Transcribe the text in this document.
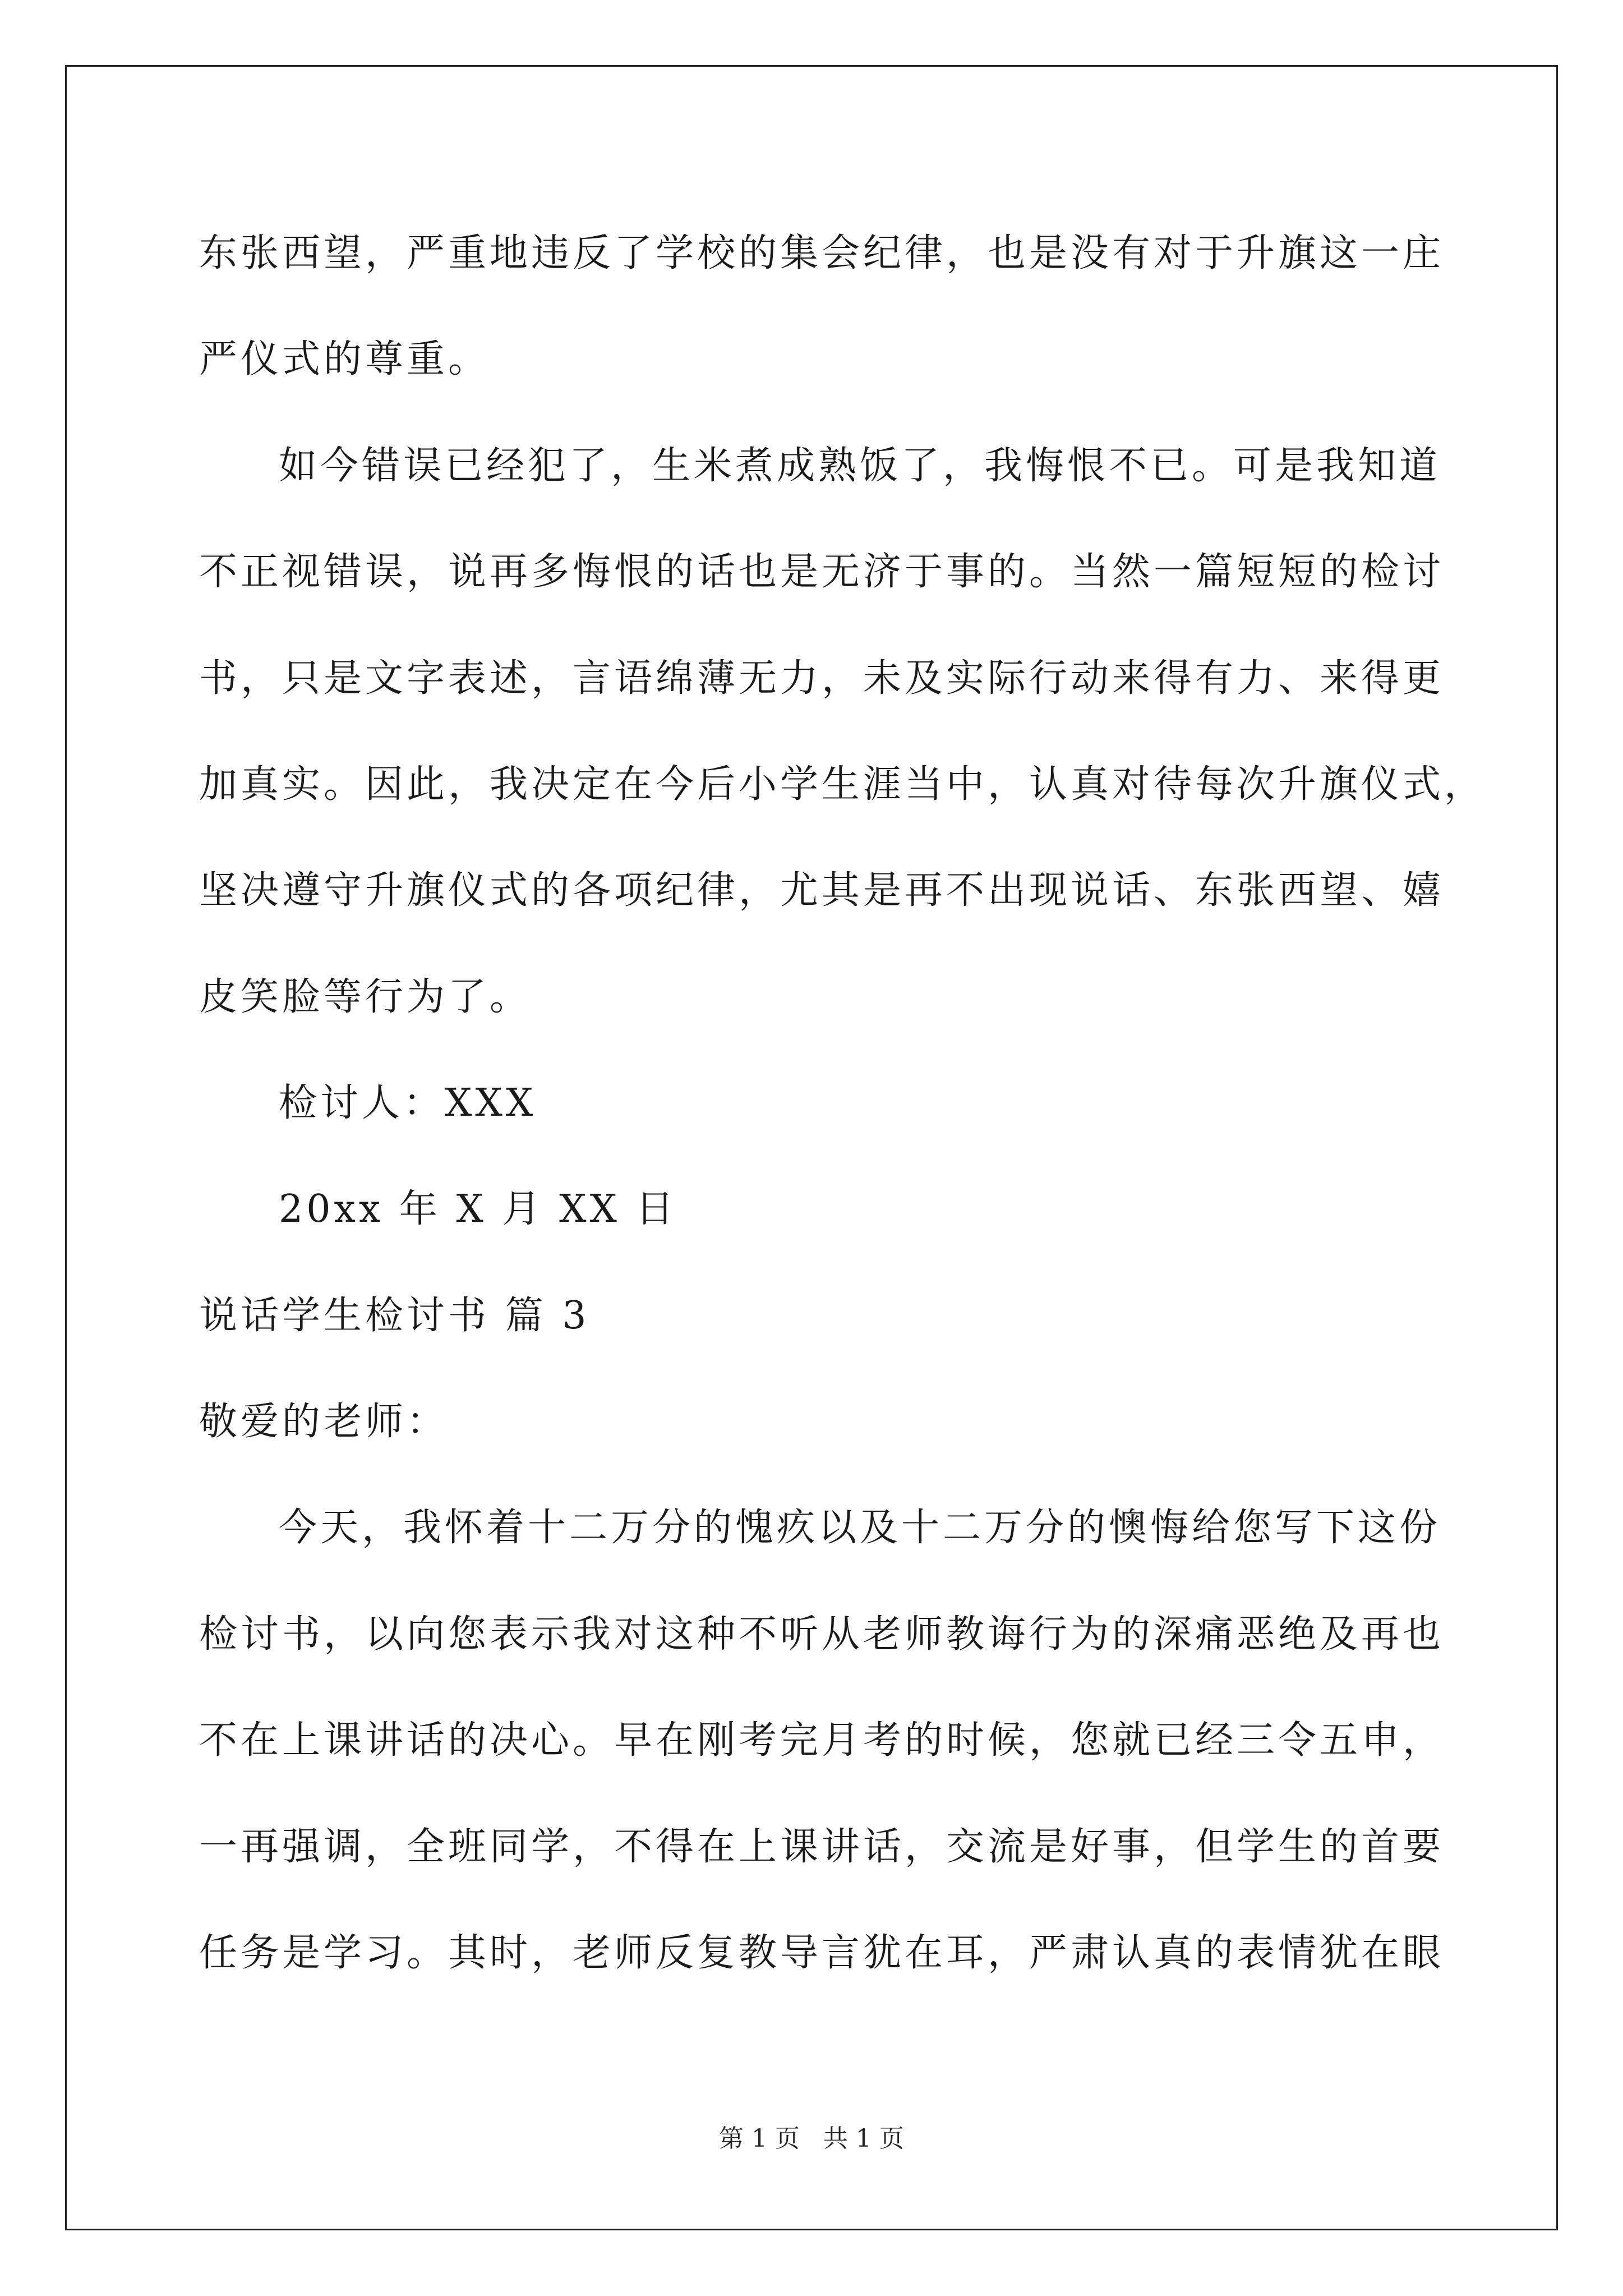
东张西望，严重地违反了学校的集会纪律，也是没有对于升旗这一庄
严仪式的尊重。
如今错误已经犯了，生米煮成熟饭了，我悔恨不已。可是我知道
不正视错误，说再多悔恨的话也是无济于事的。当然一篇短短的检讨
书，只是文字表述，言语绵薄无力，未及实际行动来得有力、来得更
加真实。因此，我决定在今后小学生涯当中，认真对待每次升旗仪式，
坚决遵守升旗仪式的各项纪律，尤其是再不出现说话、东张西望、嬉
皮笑脸等行为了。
检讨人：XXX
20xx 年 X 月 XX 日
说话学生检讨书 篇 3
敬爱的老师：
今天，我怀着十二万分的愧疚以及十二万分的懊悔给您写下这份
检讨书，以向您表示我对这种不听从老师教诲行为的深痛恶绝及再也
不在上课讲话的决心。早在刚考完月考的时候，您就已经三令五申，
一再强调，全班同学，不得在上课讲话，交流是好事，但学生的首要
任务是学习。其时，老师反复教导言犹在耳，严肃认真的表情犹在眼
第 1 页 共 1 页
